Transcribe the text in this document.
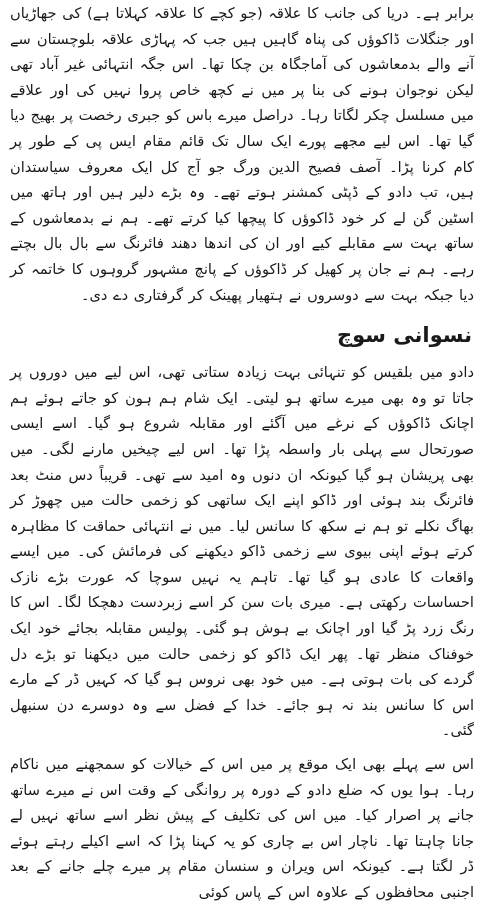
برابر ہے۔ دریا کی جانب کا علاقہ (جو کچے کا علاقہ کہلاتا ہے) کی جھاڑیاں اور جنگلات ڈاکوؤں کی پناہ گاہیں ہیں جب کہ پہاڑی علاقہ بلوچستان سے آنے والے بدمعاشوں کی آماجگاہ بن چکا تھا۔ اس جگہ انتہائی غیر آباد تھی لیکن نوجوان ہونے کی بنا پر میں نے کچھ خاص پروا نہیں کی اور علاقے میں مسلسل چکر لگاتا رہا۔ دراصل میرے باس کو جبری رخصت پر بھیج دیا گیا تھا۔ اس لیے مجھے پورے ایک سال تک قائم مقام ایس پی کے طور پر کام کرنا پڑا۔ آصف فصیح الدین ورگ جو آج کل ایک معروف سیاستدان ہیں، تب دادو کے ڈپٹی کمشنر ہوتے تھے۔ وہ بڑے دلیر ہیں اور ہاتھ میں اسٹین گن لے کر خود ڈاکوؤں کا پیچھا کیا کرتے تھے۔ ہم نے بدمعاشوں کے ساتھ بہت سے مقابلے کیے اور ان کی اندھا دھند فائرنگ سے بال بال بچتے رہے۔ ہم نے جان پر کھیل کر ڈاکوؤں کے پانچ مشہور گروہوں کا خاتمہ کر دیا جبکہ بہت سے دوسروں نے ہتھیار پھینک کر گرفتاری دے دی۔

نسوانی سوچ

دادو میں بلقیس کو تنہائی بہت زیادہ ستاتی تھی، اس لیے میں دوروں پر جاتا تو وہ بھی میرے ساتھ ہو لیتی۔ ایک شام ہم ہون کو جاتے ہوئے ہم اچانک ڈاکوؤں کے نرغے میں آگئے اور مقابلہ شروع ہو گیا۔ اسے ایسی صورتحال سے پہلی بار واسطہ پڑا تھا۔ اس لیے چیخیں مارنے لگی۔ میں بھی پریشان ہو گیا کیونکہ ان دنوں وہ امید سے تھی۔ قریباً دس منٹ بعد فائرنگ بند ہوئی اور ڈاکو اپنے ایک ساتھی کو زخمی حالت میں چھوڑ کر بھاگ نکلے تو ہم نے سکھ کا سانس لیا۔ میں نے انتہائی حماقت کا مظاہرہ کرتے ہوئے اپنی بیوی سے زخمی ڈاکو دیکھنے کی فرمائش کی۔ میں ایسے واقعات کا عادی ہو گیا تھا۔ تاہم یہ نہیں سوچا کہ عورت بڑے نازک احساسات رکھتی ہے۔ میری بات سن کر اسے زبردست دھچکا لگا۔ اس کا رنگ زرد پڑ گیا اور اچانک بے ہوش ہو گئی۔ پولیس مقابلہ بجائے خود ایک خوفناک منظر تھا۔ پھر ایک ڈاکو کو زخمی حالت میں دیکھنا تو بڑے دل گردے کی بات ہوتی ہے۔ میں خود بھی نروس ہو گیا کہ کہیں ڈر کے مارے اس کا سانس بند نہ ہو جائے۔ خدا کے فضل سے وہ دوسرے دن سنبھل گئی۔

اس سے پہلے بھی ایک موقع پر میں اس کے خیالات کو سمجھنے میں ناکام رہا۔ ہوا یوں کہ ضلع دادو کے دورہ پر روانگی کے وقت اس نے میرے ساتھ جانے پر اصرار کیا۔ میں اس کی تکلیف کے پیش نظر اسے ساتھ نہیں لے جانا چاہتا تھا۔ ناچار اس بے چاری کو یہ کہنا پڑا کہ اسے اکیلے رہتے ہوئے ڈر لگتا ہے۔ کیونکہ اس ویران و سنسان مقام پر میرے چلے جانے کے بعد اجنبی محافظوں کے علاوہ اس کے پاس کوئی
